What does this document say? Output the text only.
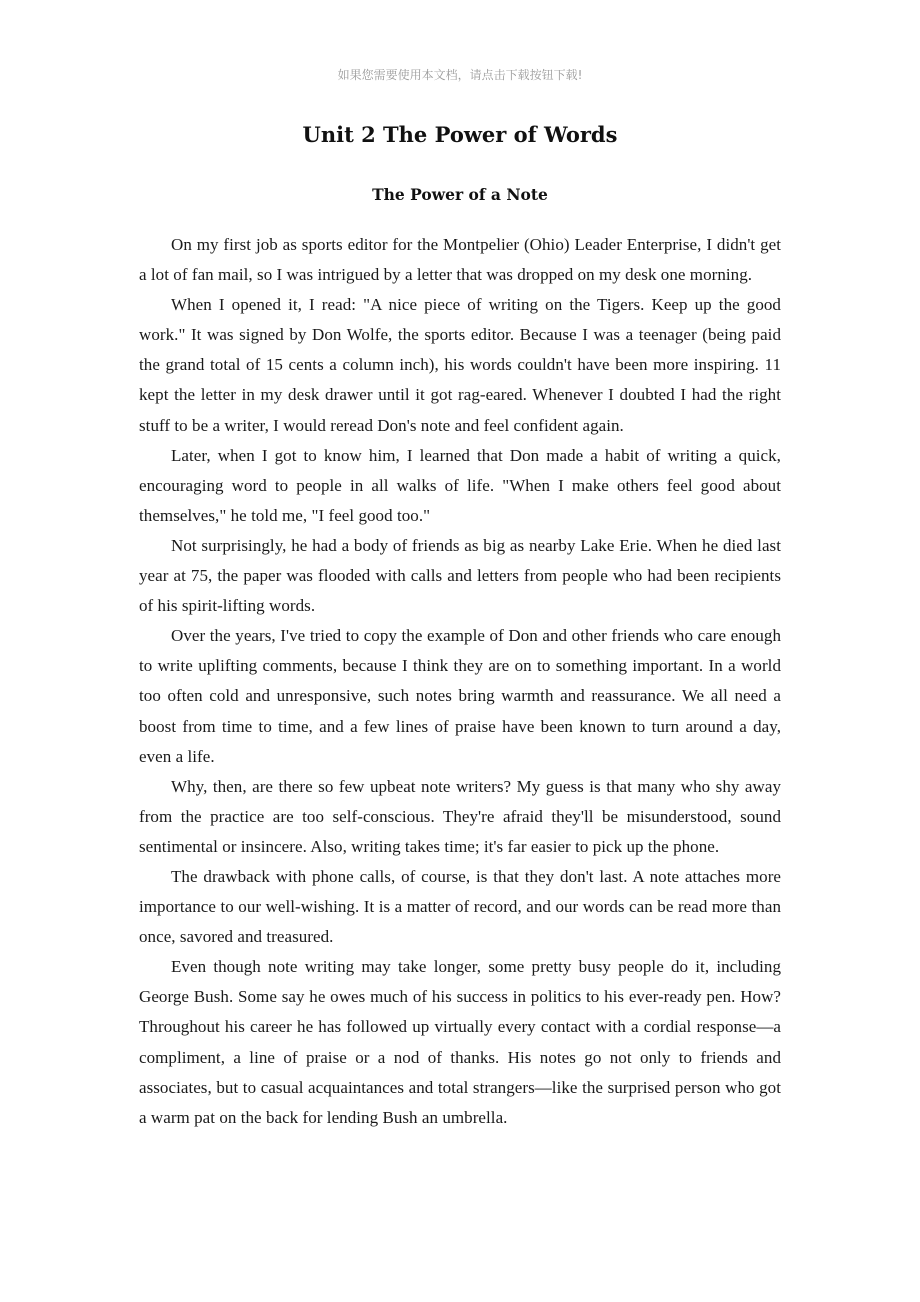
如果您需要使用本文档，请点击下载按钮下载!
Unit 2 The Power of Words
The Power of a Note

On my first job as sports editor for the Montpelier (Ohio) Leader Enterprise, I didn't get a lot of fan mail, so I was intrigued by a letter that was dropped on my desk one morning.

When I opened it, I read: "A nice piece of writing on the Tigers. Keep up the good work." It was signed by Don Wolfe, the sports editor. Because I was a teenager (being paid the grand total of 15 cents a column inch), his words couldn't have been more inspiring. 11 kept the letter in my desk drawer until it got rag-eared. Whenever I doubted I had the right stuff to be a writer, I would reread Don's note and feel confident again.

Later, when I got to know him, I learned that Don made a habit of writing a quick, encouraging word to people in all walks of life. "When I make others feel good about themselves," he told me, "I feel good too."

Not surprisingly, he had a body of friends as big as nearby Lake Erie. When he died last year at 75, the paper was flooded with calls and letters from people who had been recipients of his spirit-lifting words.

Over the years, I've tried to copy the example of Don and other friends who care enough to write uplifting comments, because I think they are on to something important. In a world too often cold and unresponsive, such notes bring warmth and reassurance. We all need a boost from time to time, and a few lines of praise have been known to turn around a day, even a life.

Why, then, are there so few upbeat note writers? My guess is that many who shy away from the practice are too self-conscious. They're afraid they'll be misunderstood, sound sentimental or insincere. Also, writing takes time; it's far easier to pick up the phone.

The drawback with phone calls, of course, is that they don't last. A note attaches more importance to our well-wishing. It is a matter of record, and our words can be read more than once, savored and treasured.

Even though note writing may take longer, some pretty busy people do it, including George Bush. Some say he owes much of his success in politics to his ever-ready pen. How? Throughout his career he has followed up virtually every contact with a cordial response—a compliment, a line of praise or a nod of thanks. His notes go not only to friends and associates, but to casual acquaintances and total strangers—like the surprised person who got a warm pat on the back for lending Bush an umbrella.
